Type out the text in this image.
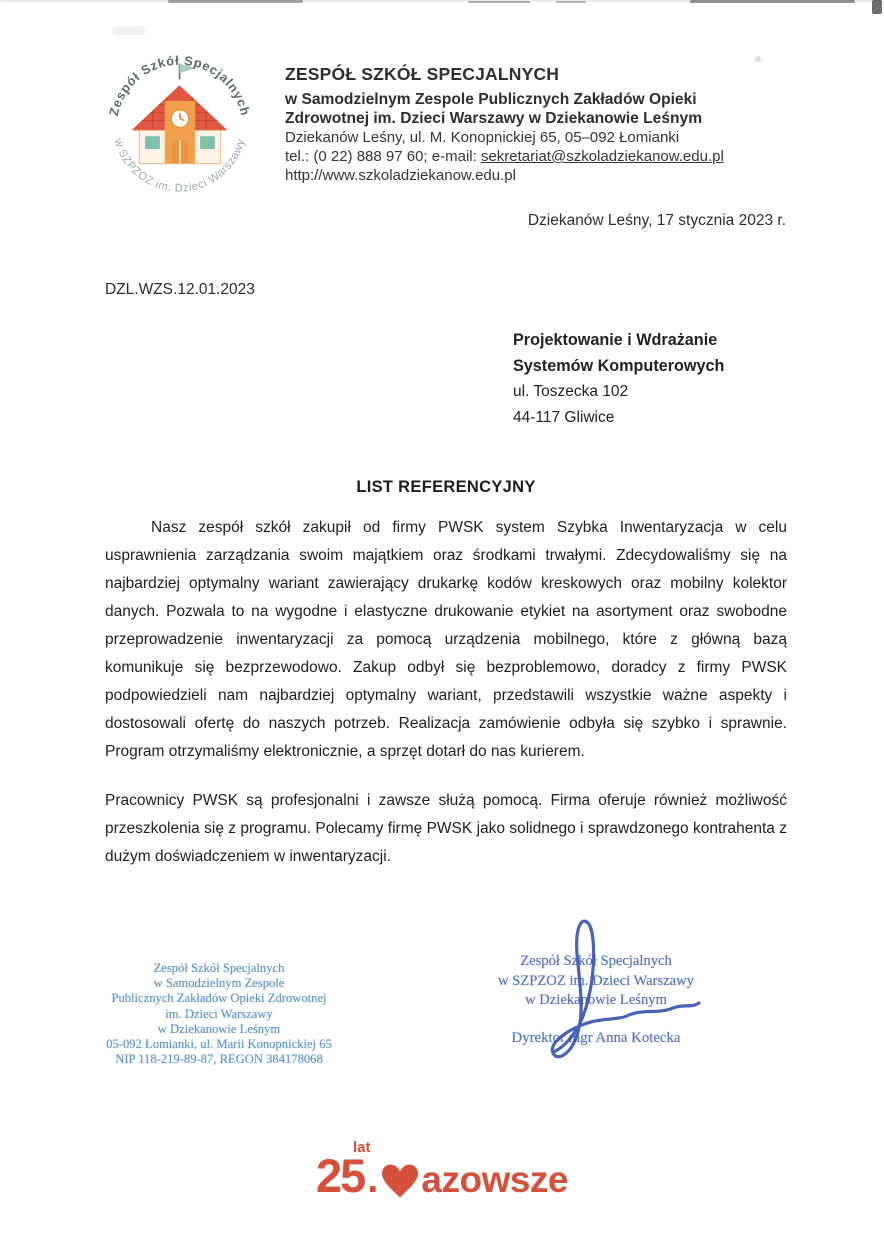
Zespół Szkół Specjalnych
w SZPZOZ im. Dzieci Warszawy
ZESPÓŁ SZKÓŁ SPECJALNYCH
w Samodzielnym Zespole Publicznych Zakładów Opieki
Zdrowotnej im. Dzieci Warszawy w Dziekanowie Leśnym
Dziekanów Leśny, ul. M. Konopnickiej 65, 05–092 Łomianki
tel.: (0 22) 888 97 60; e-mail: sekretariat@szkoladziekanow.edu.pl
http://www.szkoladziekanow.edu.pl
Dziekanów Leśny, 17 stycznia 2023 r.
DZL.WZS.12.01.2023
Projektowanie i Wdrażanie
Systemów Komputerowych
ul. Toszecka 102
44-117 Gliwice
LIST REFERENCYJNY

Nasz zespół szkół zakupił od firmy PWSK system Szybka Inwentaryzacja w celu usprawnienia zarządzania swoim majątkiem oraz środkami trwałymi. Zdecydowaliśmy się na najbardziej optymalny wariant zawierający drukarkę kodów kreskowych oraz mobilny kolektor danych. Pozwala to na wygodne i elastyczne drukowanie etykiet na asortyment oraz swobodne przeprowadzenie inwentaryzacji za pomocą urządzenia mobilnego, które z główną bazą komunikuje się bezprzewodowo. Zakup odbył się bezproblemowo, doradcy z firmy PWSK podpowiedzieli nam najbardziej optymalny wariant, przedstawili wszystkie ważne aspekty i dostosowali ofertę do naszych potrzeb. Realizacja zamówienie odbyła się szybko i sprawnie. Program otrzymaliśmy elektronicznie, a sprzęt dotarł do nas kurierem.

Pracownicy PWSK są profesjonalni i zawsze służą pomocą. Firma oferuje również możliwość przeszkolenia się z programu. Polecamy firmę PWSK jako solidnego i sprawdzonego kontrahenta z dużym doświadczeniem w inwentaryzacji.

Zespół Szkół Specjalnych
w Samodzielnym Zespole
Publicznych Zakładów Opieki Zdrowotnej
im. Dzieci Warszawy
w Dziekanowie Leśnym
05-092 Łomianki, ul. Marii Konopnickiej 65
NIP 118-219-89-87, REGON 384178068
Zespół Szkół Specjalnych
w SZPZOZ im. Dzieci Warszawy
w Dziekanowie Leśnym
Dyrektor mgr Anna Kotecka
lat
25 . azowsze
